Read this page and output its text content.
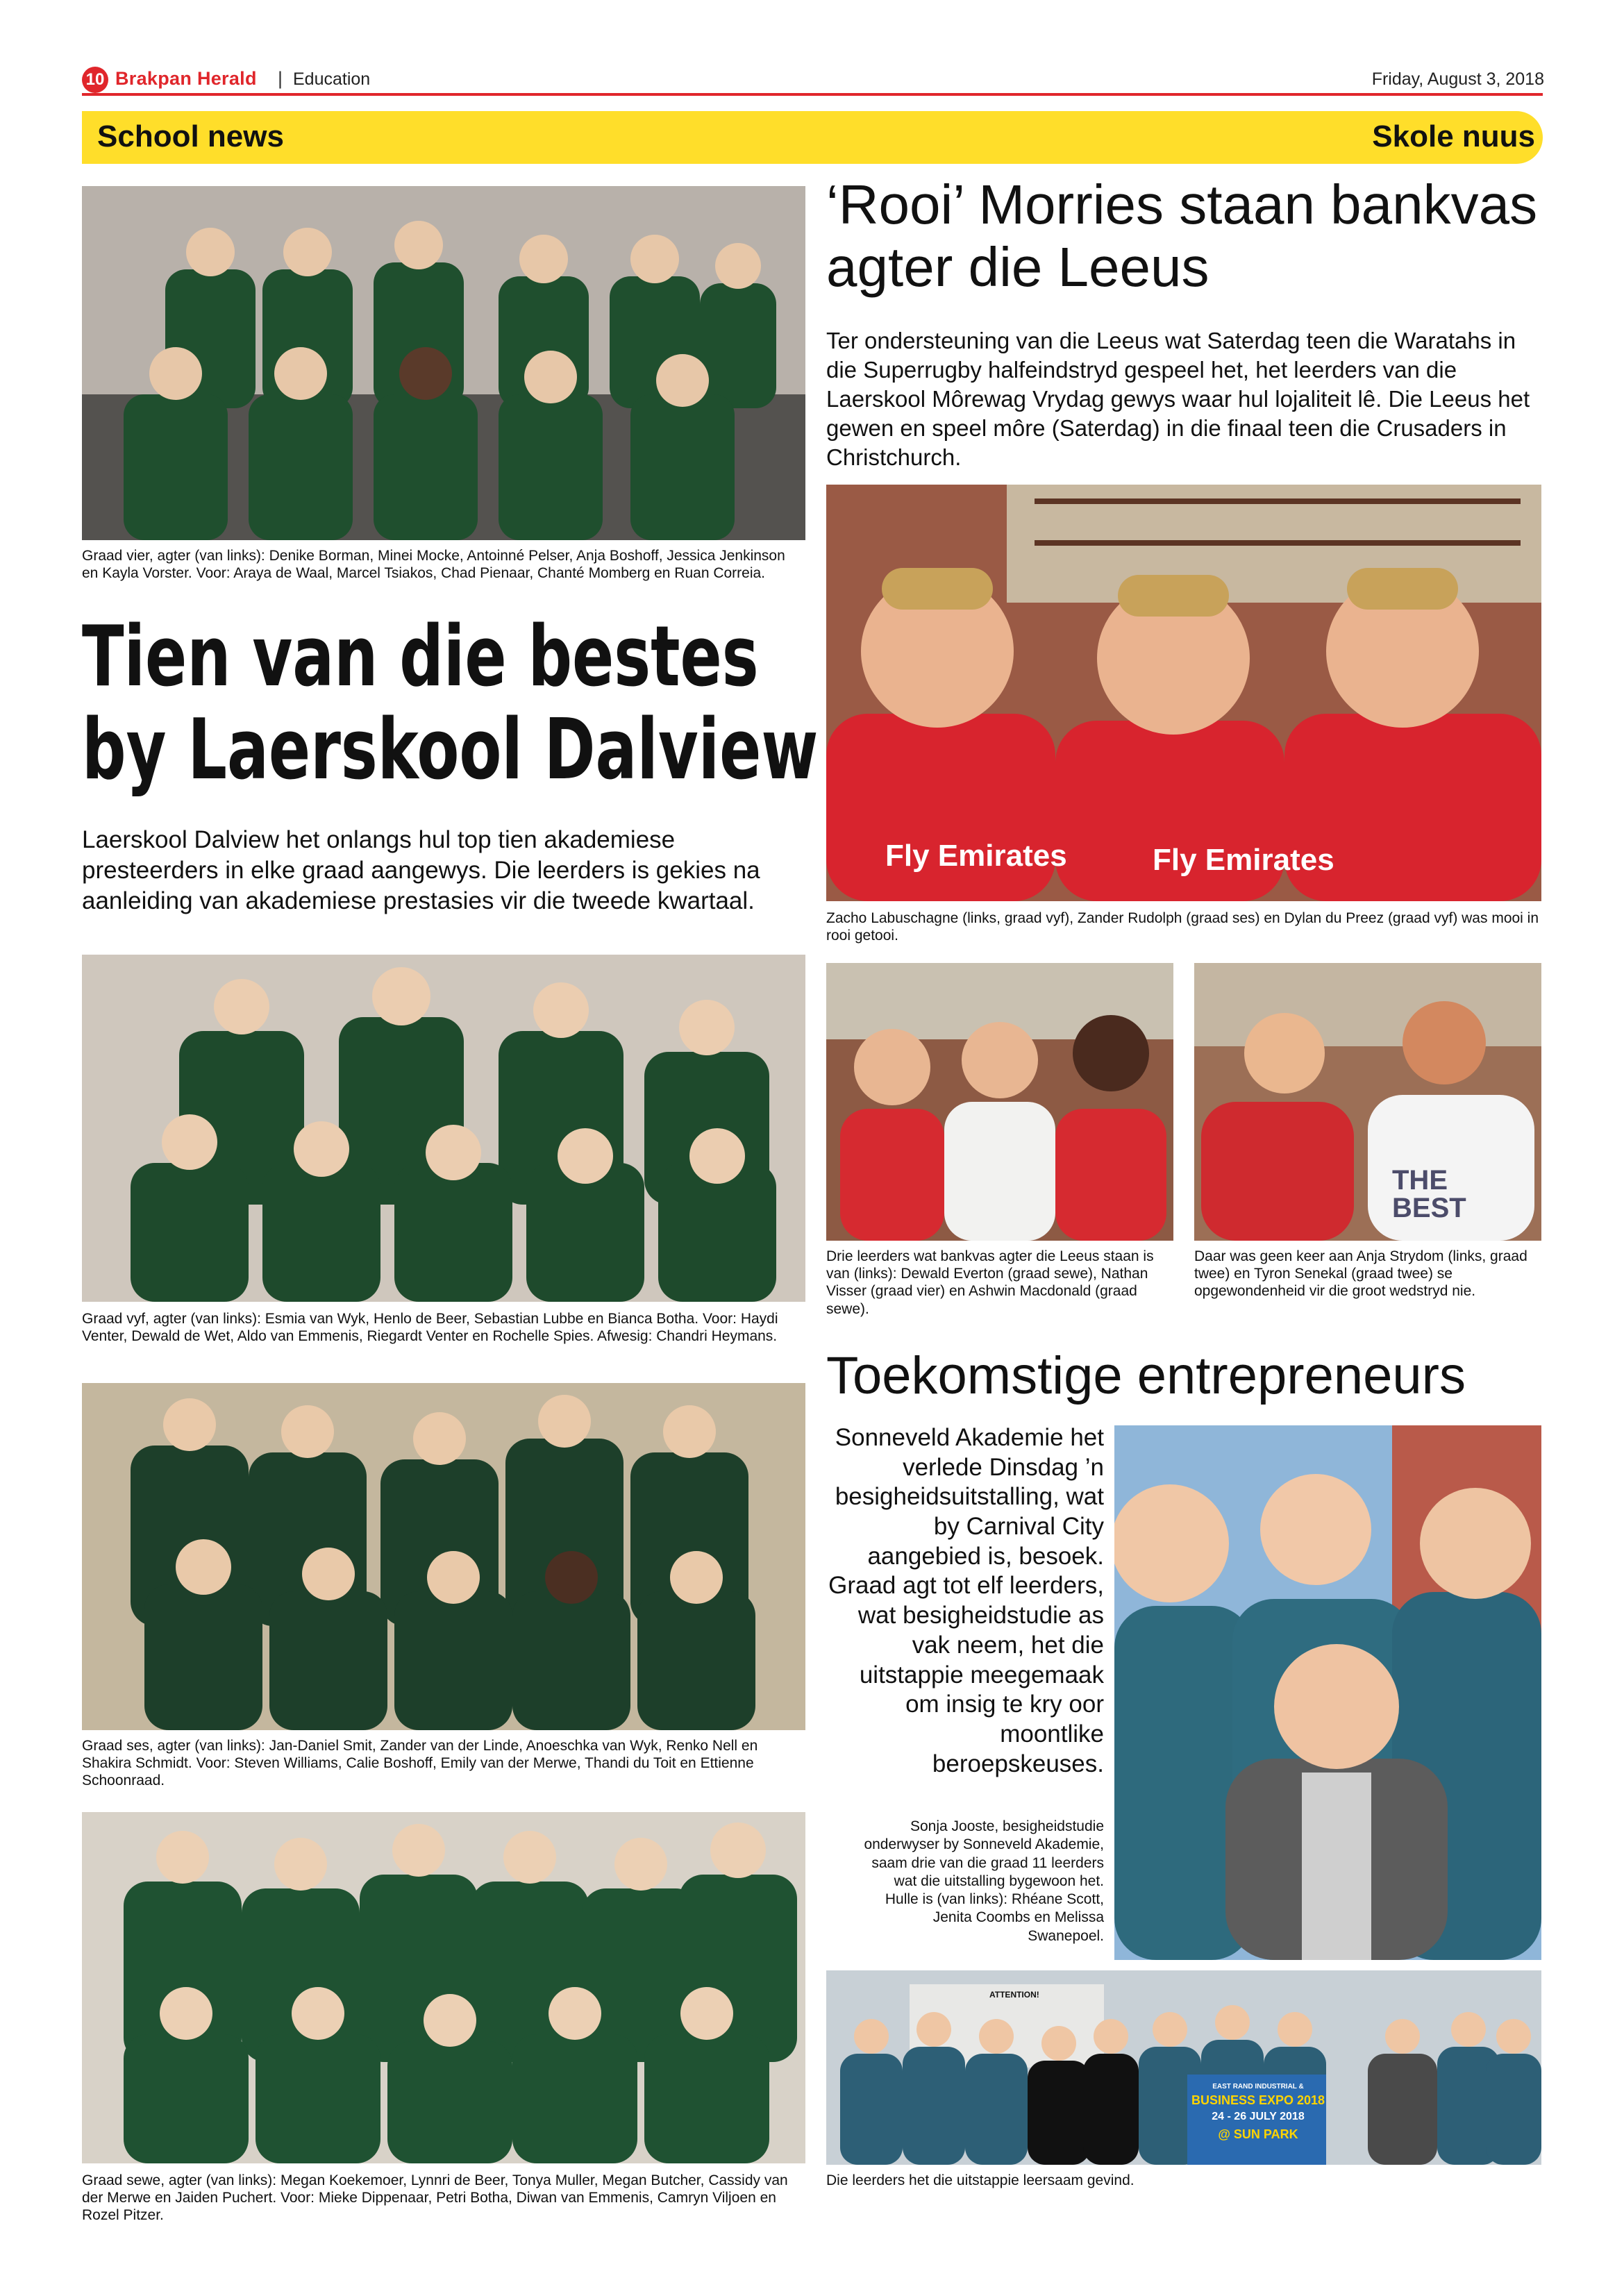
10 Brakpan Herald | Education	Friday, August 3, 2018
School news	Skole nuus
Graad vier, agter (van links): Denike Borman, Minei Mocke, Antoinné Pelser, Anja Boshoff, Jessica Jenkinson en Kayla Vorster. Voor: Araya de Waal, Marcel Tsiakos, Chad Pienaar, Chanté Momberg en Ruan Correia.
Tien van die bestes by Laerskool Dalview
Laerskool Dalview het onlangs hul top tien akademiese presteerders in elke graad aangewys. Die leerders is gekies na aanleiding van akademiese prestasies vir die tweede kwartaal.
Graad vyf, agter (van links): Esmia van Wyk, Henlo de Beer, Sebastian Lubbe en Bianca Botha. Voor: Haydi Venter, Dewald de Wet, Aldo van Emmenis, Riegardt Venter en Rochelle Spies. Afwesig: Chandri Heymans.
Graad ses, agter (van links): Jan-Daniel Smit, Zander van der Linde, Anoeschka van Wyk, Renko Nell en Shakira Schmidt. Voor: Steven Williams, Calie Boshoff, Emily van der Merwe, Thandi du Toit en Ettienne Schoonraad.
Graad sewe, agter (van links): Megan Koekemoer, Lynnri de Beer, Tonya Muller, Megan Butcher, Cassidy van der Merwe en Jaiden Puchert. Voor: Mieke Dippenaar, Petri Botha, Diwan van Emmenis, Camryn Viljoen en Rozel Pitzer.
‘Rooi’ Morries staan bankvas agter die Leeus
Ter ondersteuning van die Leeus wat Saterdag teen die Waratahs in die Superrugby halfeindstryd gespeel het, het leerders van die Laerskool Môrewag Vrydag gewys waar hul lojaliteit lê. Die Leeus het gewen en speel môre (Saterdag) in die finaal teen die Crusaders in Christchurch.
Fly Emirates	Fly Emirates
Zacho Labuschagne (links, graad vyf), Zander Rudolph (graad ses) en Dylan du Preez (graad vyf) was mooi in rooi getooi.
Drie leerders wat bankvas agter die Leeus staan is van (links): Dewald Everton (graad sewe), Nathan Visser (graad vier) en Ashwin Macdonald (graad sewe).
THE BEST
Daar was geen keer aan Anja Strydom (links, graad twee) en Tyron Senekal (graad twee) se opgewondenheid vir die groot wedstryd nie.
Toekomstige entrepreneurs
Sonneveld Akademie het verlede Dinsdag ’n besigheidsuitstalling, wat by Carnival City aangebied is, besoek. Graad agt tot elf leerders, wat besigheidstudie as vak neem, het die uitstappie meegemaak om insig te kry oor moontlike beroepskeuses.
Sonja Jooste, besigheidstudie onderwyser by Sonneveld Akademie, saam drie van die graad 11 leerders wat die uitstalling bygewoon het. Hulle is (van links): Rhéane Scott, Jenita Coombs en Melissa Swanepoel.
ATTENTION!
EAST RAND INDUSTRIAL &
BUSINESS EXPO 2018
24 - 26 JULY 2018
@ SUN PARK
Die leerders het die uitstappie leersaam gevind.
